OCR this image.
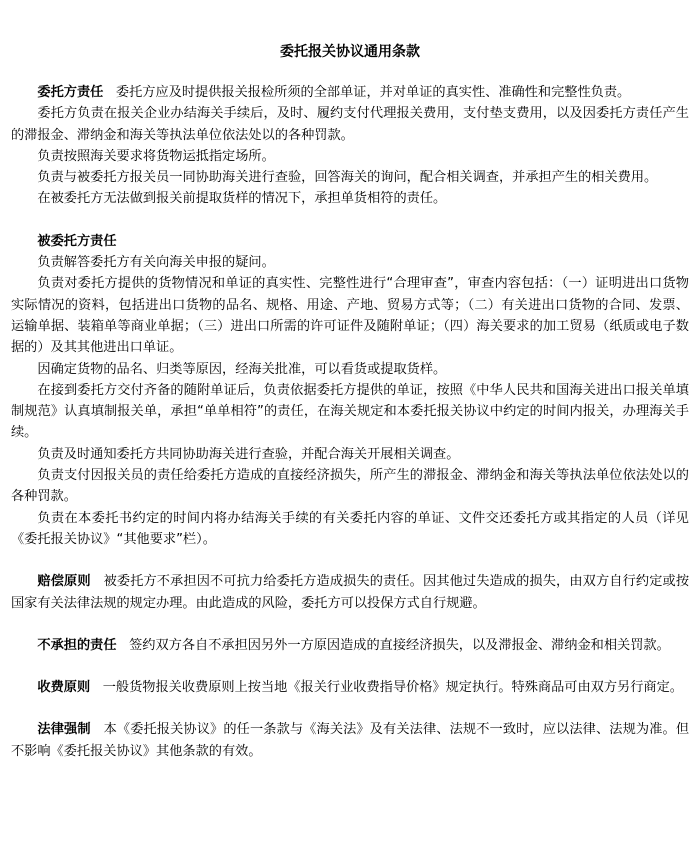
委托报关协议通用条款

委托方责任 委托方应及时提供报关报检所须的全部单证，并对单证的真实性、准确性和完整性负责。

委托方负责在报关企业办结海关手续后，及时、履约支付代理报关费用，支付垫支费用，以及因委托方责任产生的滞报金、滞纳金和海关等执法单位依法处以的各种罚款。

负责按照海关要求将货物运抵指定场所。

负责与被委托方报关员一同协助海关进行查验，回答海关的询问，配合相关调查，并承担产生的相关费用。

在被委托方无法做到报关前提取货样的情况下，承担单货相符的责任。

被委托方责任

负责解答委托方有关向海关申报的疑问。

负责对委托方提供的货物情况和单证的真实性、完整性进行“合理审查”，审查内容包括：（一）证明进出口货物实际情况的资料，包括进出口货物的品名、规格、用途、产地、贸易方式等；（二）有关进出口货物的合同、发票、运输单据、装箱单等商业单据；（三）进出口所需的许可证件及随附单证；（四）海关要求的加工贸易（纸质或电子数据的）及其其他进出口单证。

因确定货物的品名、归类等原因，经海关批准，可以看货或提取货样。

在接到委托方交付齐备的随附单证后，负责依据委托方提供的单证，按照《中华人民共和国海关进出口报关单填制规范》认真填制报关单，承担“单单相符”的责任，在海关规定和本委托报关协议中约定的时间内报关，办理海关手续。

负责及时通知委托方共同协助海关进行查验，并配合海关开展相关调查。

负责支付因报关员的责任给委托方造成的直接经济损失，所产生的滞报金、滞纳金和海关等执法单位依法处以的各种罚款。

负责在本委托书约定的时间内将办结海关手续的有关委托内容的单证、文件交还委托方或其指定的人员（详见《委托报关协议》“其他要求”栏）。

赔偿原则 被委托方不承担因不可抗力给委托方造成损失的责任。因其他过失造成的损失，由双方自行约定或按国家有关法律法规的规定办理。由此造成的风险，委托方可以投保方式自行规避。

不承担的责任 签约双方各自不承担因另外一方原因造成的直接经济损失，以及滞报金、滞纳金和相关罚款。

收费原则 一般货物报关收费原则上按当地《报关行业收费指导价格》规定执行。特殊商品可由双方另行商定。

法律强制 本《委托报关协议》的任一条款与《海关法》及有关法律、法规不一致时，应以法律、法规为准。但不影响《委托报关协议》其他条款的有效。
